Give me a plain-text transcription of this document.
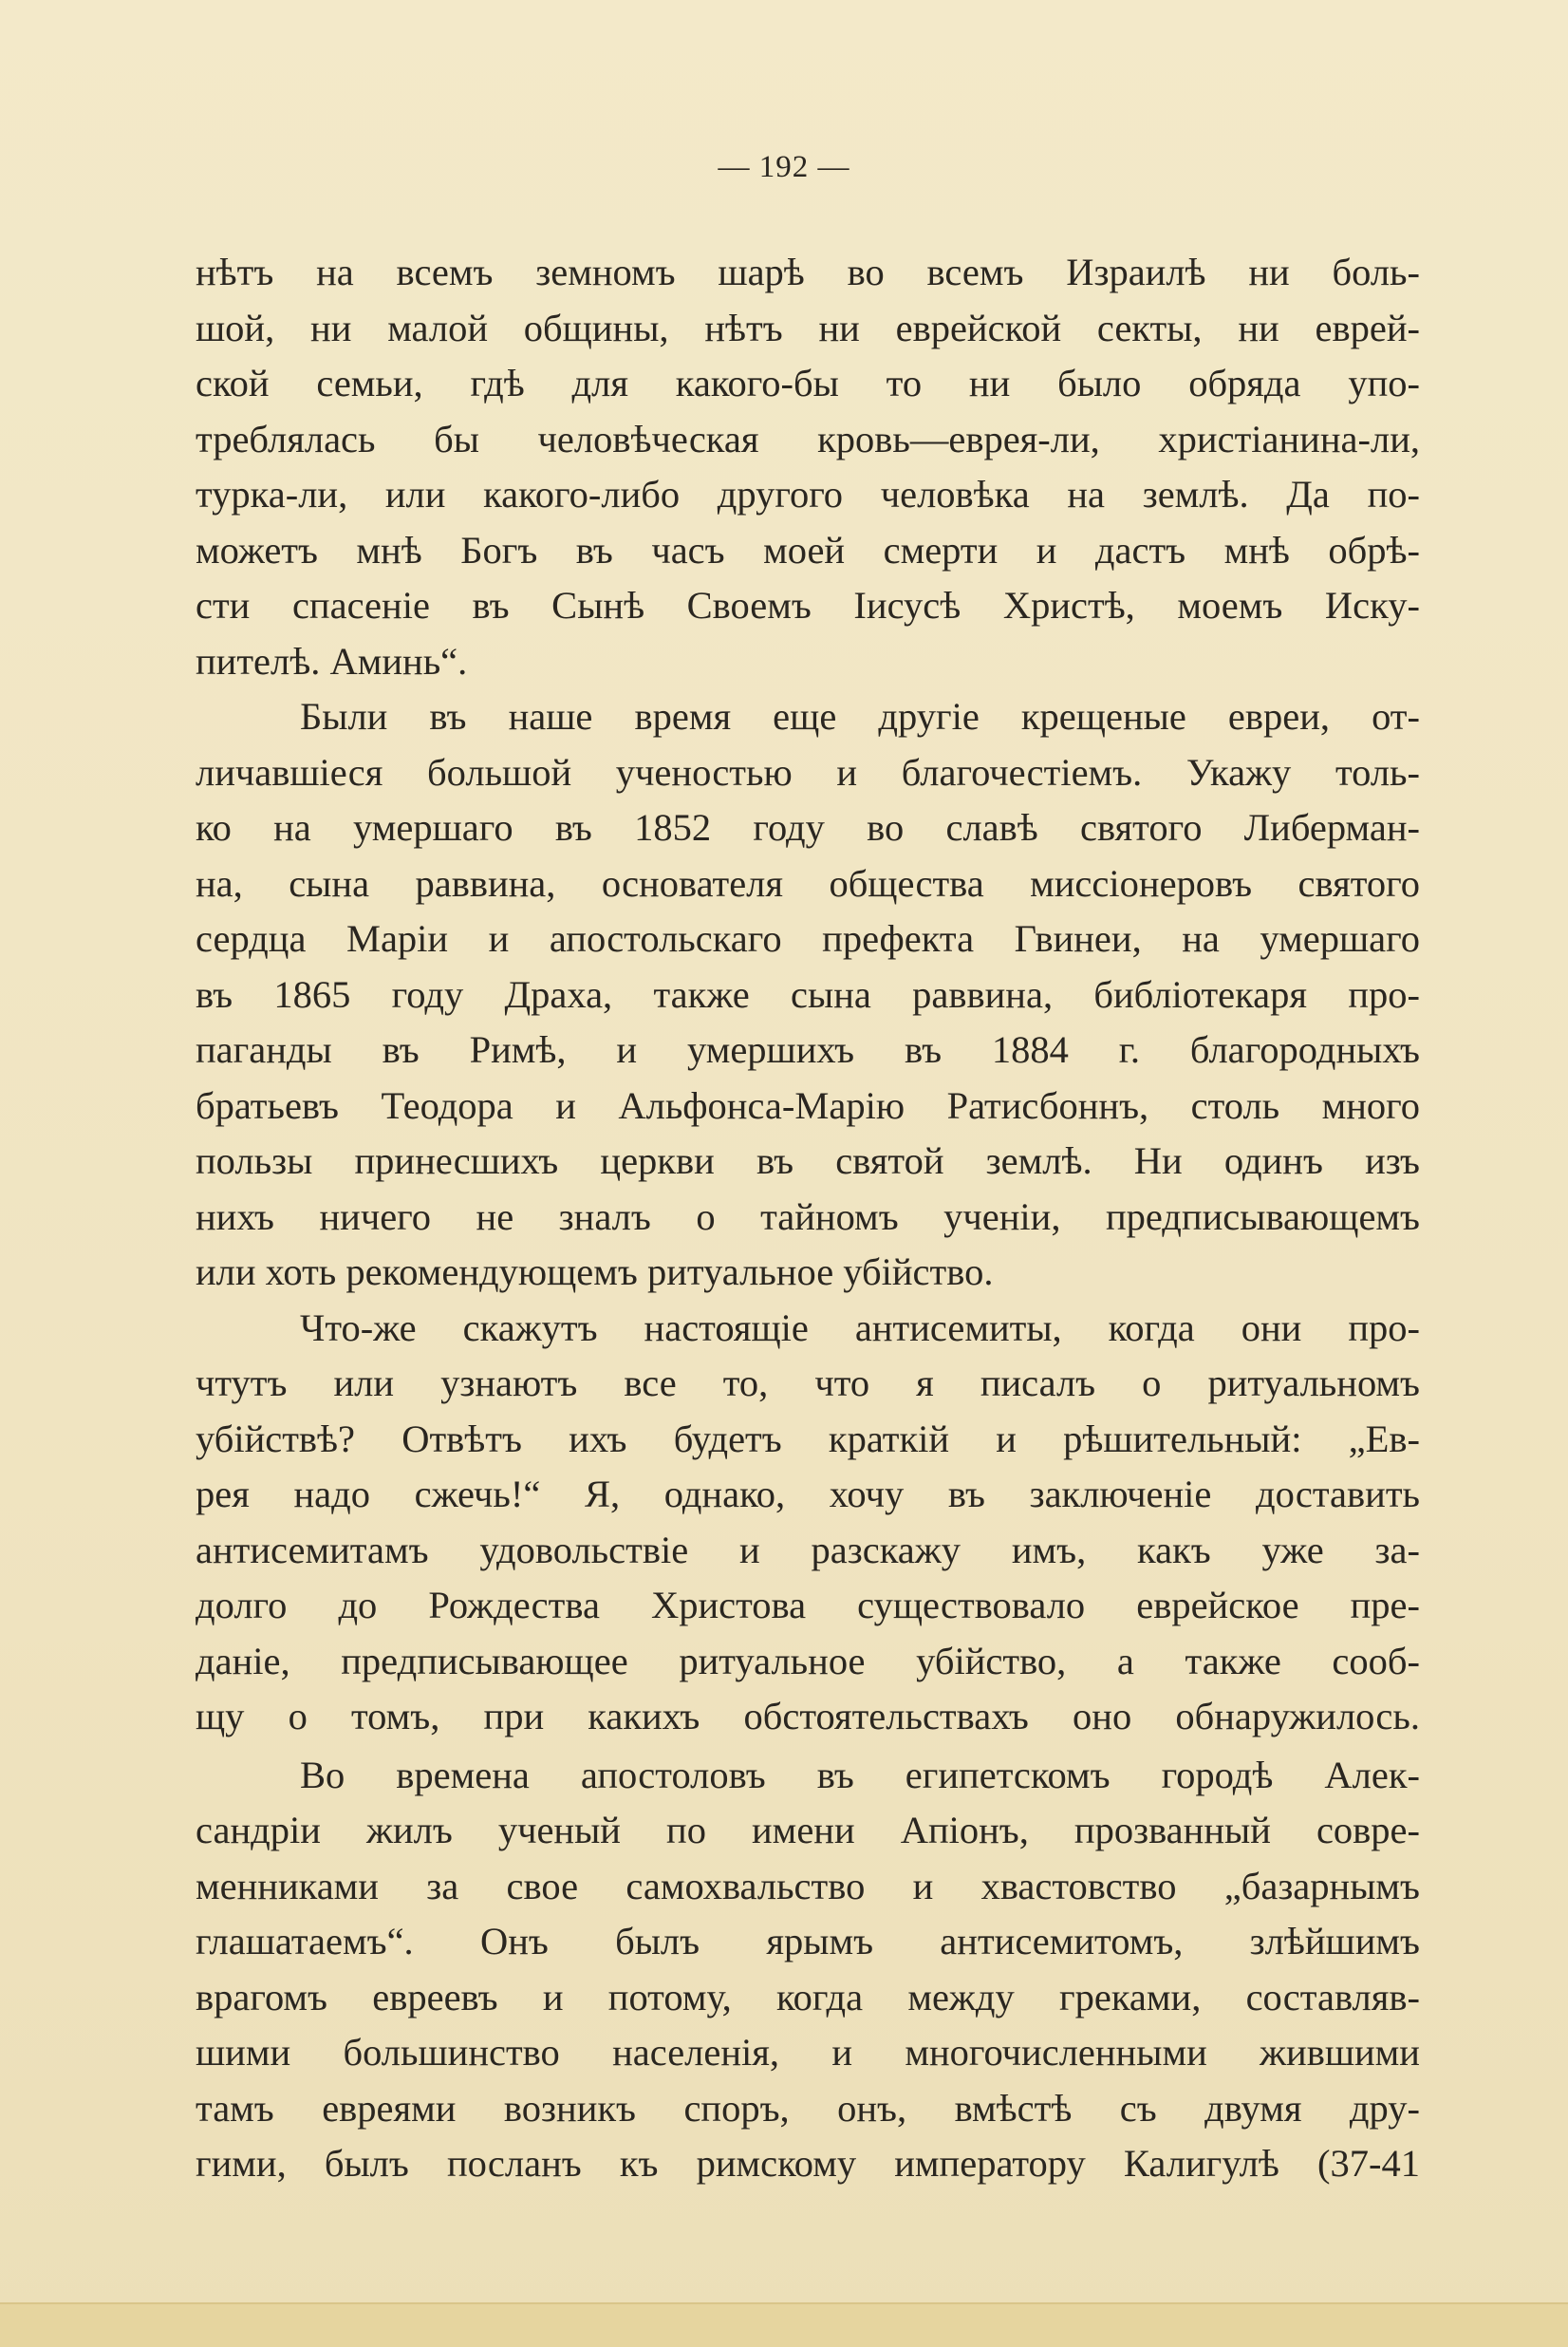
— 192 —
нѣтъ на всемъ земномъ шарѣ во всемъ Израилѣ ни боль-
шой, ни малой общины, нѣтъ ни еврейской секты, ни еврей-
ской семьи, гдѣ для какого-бы то ни было обряда упо-
треблялась бы человѣческая кровь—еврея-ли, христіанина-ли,
турка-ли, или какого-либо другого человѣка на землѣ. Да по-
можетъ мнѣ Богъ въ часъ моей смерти и дастъ мнѣ обрѣ-
сти спасеніе въ Сынѣ Своемъ Іисусѣ Христѣ, моемъ Иску-
пителѣ. Аминь“.
Были въ наше время еще другіе крещеные евреи, от-
личавшіеся большой ученостью и благочестіемъ. Укажу толь-
ко на умершаго въ 1852 году во славѣ святого Либерман-
на, сына раввина, основателя общества миссіонеровъ святого
сердца Маріи и апостольскаго префекта Гвинеи, на умершаго
въ 1865 году Драха, также сына раввина, библіотекаря про-
паганды въ Римѣ, и умершихъ въ 1884 г. благородныхъ
братьевъ Теодора и Альфонса-Марію Ратисбоннъ, столь много
пользы принесшихъ церкви въ святой землѣ. Ни одинъ изъ
нихъ ничего не зналъ о тайномъ ученіи, предписывающемъ
или хоть рекомендующемъ ритуальное убійство.
Что-же скажутъ настоящіе антисемиты, когда они про-
чтутъ или узнаютъ все то, что я писалъ о ритуальномъ
убійствѣ? Отвѣтъ ихъ будетъ краткій и рѣшительный: „Ев-
рея надо сжечь!“ Я, однако, хочу въ заключеніе доставить
антисемитамъ удовольствіе и разскажу имъ, какъ уже за-
долго до Рождества Христова существовало еврейское пре-
даніе, предписывающее ритуальное убійство, а также сооб-
щу о томъ, при какихъ обстоятельствахъ оно обнаружилось.
Во времена апостоловъ въ египетскомъ городѣ Алек-
сандріи жилъ ученый по имени Апіонъ, прозванный совре-
менниками за свое самохвальство и хвастовство „базарнымъ
глашатаемъ“. Онъ былъ ярымъ антисемитомъ, злѣйшимъ
врагомъ евреевъ и потому, когда между греками, составляв-
шими большинство населенія, и многочисленными жившими
тамъ евреями возникъ споръ, онъ, вмѣстѣ съ двумя дру-
гими, былъ посланъ къ римскому императору Калигулѣ (37-41
